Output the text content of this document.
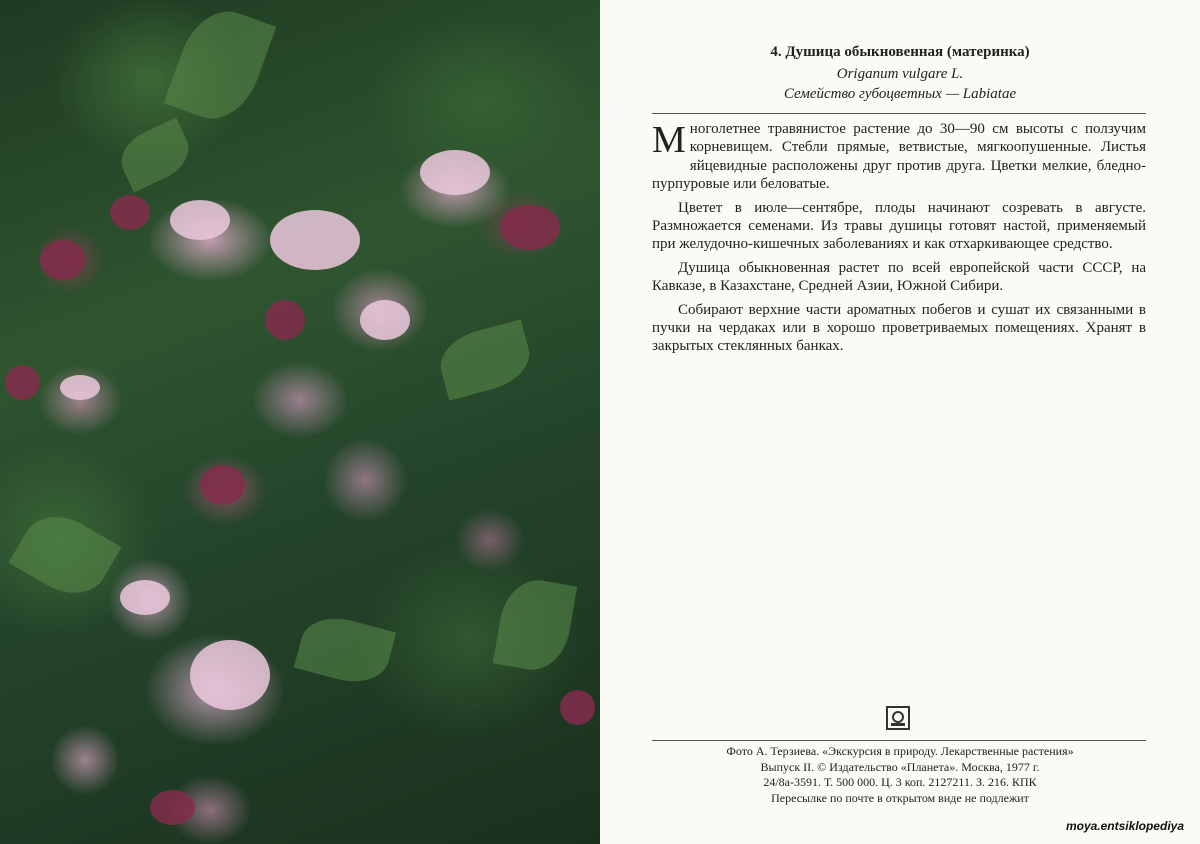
4. Душица обыкновенная (материнка)
Origanum vulgare L.
Семейство губоцветных — Labiatae

Многолетнее травянистое растение до 30—90 см высоты с ползучим корневищем. Стебли прямые, ветвистые, мягкоопушенные. Листья яйцевидные расположены друг против друга. Цветки мелкие, бледно-пурпуровые или беловатые.

Цветет в июле—сентябре, плоды начинают созревать в августе. Размножается семенами. Из травы душицы готовят настой, применяемый при желудочно-кишечных заболеваниях и как отхаркивающее средство.

Душица обыкновенная растет по всей европейской части СССР, на Кавказе, в Казахстане, Средней Азии, Южной Сибири.

Собирают верхние части ароматных побегов и сушат их связанными в пучки на чердаках или в хорошо проветриваемых помещениях. Хранят в закрытых стеклянных банках.

Фото А. Терзиева. «Экскурсия в природу. Лекарственные растения»
Выпуск II. © Издательство «Планета». Москва, 1977 г.
24/8а-3591. Т. 500 000. Ц. 3 коп. 2127211. З. 216. КПК
Пересылке по почте в открытом виде не подлежит
moya.entsiklopediya
